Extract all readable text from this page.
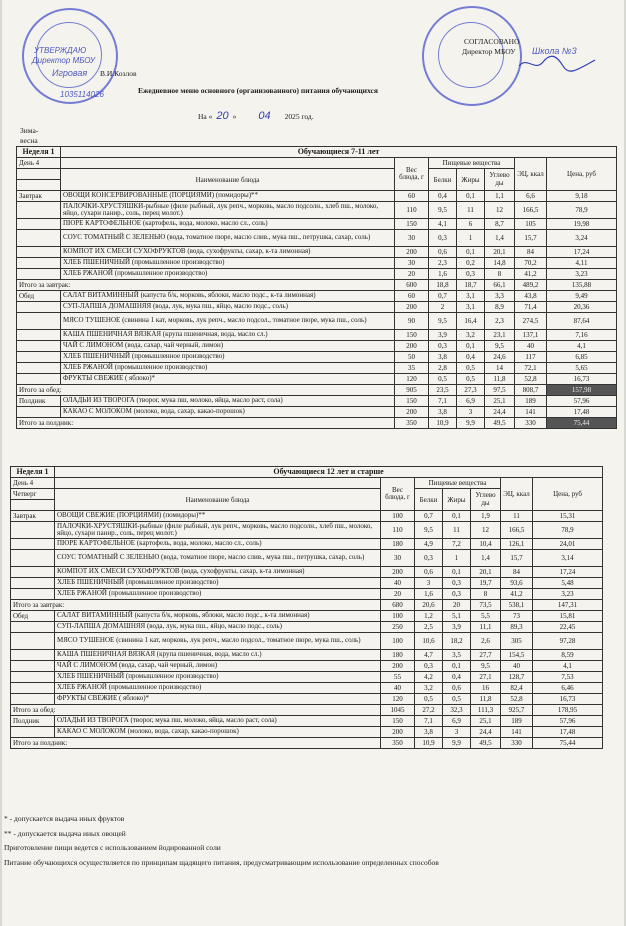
УТВЕРЖДАЮ
Директор МБОУ
Игровая
1035114026
В.И.Козлов
СОГЛАСОВАНО
Директор МБОУ Школа №3
Ежедневное меню основного (организованного) питания обучающихся
На « 20 » 04 2025 год.
Зима-
весна
Неделя 1	Обучающиеся 7-11 лет						
День 4		Вес блюда, г	Пищевые вещества			ЭЦ, ккал	Цена, руб
	Наименование блюда		Белки	Жиры	Углево ды		

Завтрак	ОВОЩИ КОНСЕРВИРОВАННЫЕ (ПОРЦИЯМИ) (помидоры)**	60	0,4	0,1	1,1	6,6	9,18
	ПАЛОЧКИ-ХРУСТЯШКИ-рыбные (филе рыбный, лук репч., морковь, масло подсолн., хлеб пш., молоко, яйцо, сухари панир., соль, перец молот.)	110	9,5	11	12	166,5	78,9
	ПЮРЕ КАРТОФЕЛЬНОЕ (картофель, вода, молоко, масло сл., соль)	150	4,1	6	8,7	105	19,98
	СОУС ТОМАТНЫЙ С ЗЕЛЕНЬЮ (вода, томатное пюре, масло слив., мука пш., петрушка, сахар, соль)	30	0,3	1	1,4	15,7	3,24
	КОМПОТ ИХ СМЕСИ СУХОФРУКТОВ (вода, сухофрукты, сахар, к-та лимонная)	200	0,6	0,1	20,1	84	17,24
	ХЛЕБ ПШЕНИЧНЫЙ (промышленное производство)	30	2,3	0,2	14,8	70,2	4,11
	ХЛЕБ РЖАНОЙ (промышленное производство)	20	1,6	0,3	8	41,2	3,23
Итого за завтрак:		600	18,8	18,7	66,1	489,2	135,88
Обед	САЛАТ ВИТАМИННЫЙ (капуста б/к, морковь, яблоки, масло подс., к-та лимонная)	60	0,7	3,1	3,3	43,8	9,49
	СУП-ЛАПША ДОМАШНЯЯ (вода, лук, мука пш., яйцо, масло подс., соль)	200	2	3,1	8,9	71,4	20,36
	МЯСО ТУШЕНОЕ (свинина 1 кат, морковь, лук репч., масло подсол., томатное пюре, мука пш., соль)	90	9,5	16,4	2,3	274,5	87,64
	КАША ПШЕНИЧНАЯ ВЯЗКАЯ (крупа пшеничная, вода, масло сл.)	150	3,9	3,2	23,1	137,1	7,16
	ЧАЙ С ЛИМОНОМ (вода, сахар, чай черный, лимон)	200	0,3	0,1	9,5	40	4,1
	ХЛЕБ ПШЕНИЧНЫЙ (промышленное производство)	50	3,8	0,4	24,6	117	6,85
	ХЛЕБ РЖАНОЙ (промышленное производство)	35	2,8	0,5	14	72,1	5,65
	ФРУКТЫ СВЕЖИЕ ( яблоко)*	120	0,5	0,5	11,8	52,8	16,73
Итого за обед:		905	23,5	27,3	97,5	808,7	157,98
Полдник	ОЛАДЬИ ИЗ ТВОРОГА (творог, мука пш, молоко, яйца, масло раст, сола)	150	7,1	6,9	25,1	189	57,96
	КАКАО С МОЛОКОМ (молоко, вода, сахар, какао-порошок)	200	3,8	3	24,4	141	17,48
Итого за полдник:		350	10,9	9,9	49,5	330	75,44
Неделя 1	Обучающиеся 12 лет и старше						
День 4		Вес блюда, г	Пищевые вещества			ЭЦ, ккал	Цена, руб
Четверг	Наименование блюда		Белки	Жиры	Углево ды		

Завтрак	ОВОЩИ СВЕЖИЕ (ПОРЦИЯМИ) (помидоры)**	100	0,7	0,1	1,9	11	15,31
	ПАЛОЧКИ-ХРУСТЯШКИ-рыбные (филе рыбный, лук репч., морковь, масло подсолн., хлеб пш., молоко, яйцо, сухари панир., соль, перец молот.)	110	9,5	11	12	166,5	78,9
	ПЮРЕ КАРТОФЕЛЬНОЕ (картофель, вода, молоко, масло сл., соль)	180	4,9	7,2	10,4	126,1	24,01
	СОУС ТОМАТНЫЙ С ЗЕЛЕНЬЮ (вода, томатное пюре, масло слив., мука пш., петрушка, сахар, соль)	30	0,3	1	1,4	15,7	3,14
	КОМПОТ ИХ СМЕСИ СУХОФРУКТОВ (вода, сухофрукты, сахар, к-та лимонная)	200	0,6	0,1	20,1	84	17,24
	ХЛЕБ ПШЕНИЧНЫЙ (промышленное производство)	40	3	0,3	19,7	93,6	5,48
	ХЛЕБ РЖАНОЙ (промышленное производство)	20	1,6	0,3	8	41,2	3,23
Итого за завтрак:		680	20,6	20	73,5	538,1	147,31
Обед	САЛАТ ВИТАМИННЫЙ (капуста б/к, морковь, яблоки, масло подс., к-та лимонная)	100	1,2	5,1	5,5	73	15,81
	СУП-ЛАПША ДОМАШНЯЯ (вода, лук, мука пш., яйцо, масло подс., соль)	250	2,5	3,9	11,1	89,3	22,45
	МЯСО ТУШЕНОЕ (свинина 1 кат, морковь, лук репч., масло подсол., томатное пюре, мука пш., соль)	100	10,6	18,2	2,6	305	97,28
	КАША ПШЕНИЧНАЯ ВЯЗКАЯ (крупа пшеничная, вода, масло сл.)	180	4,7	3,5	27,7	154,5	8,59
	ЧАЙ С ЛИМОНОМ (вода, сахар, чай черный, лимон)	200	0,3	0,1	9,5	40	4,1
	ХЛЕБ ПШЕНИЧНЫЙ (промышленное производство)	55	4,2	0,4	27,1	128,7	7,53
	ХЛЕБ РЖАНОЙ (промышленное производство)	40	3,2	0,6	16	82,4	6,46
	ФРУКТЫ СВЕЖИЕ ( яблоко)*	120	0,5	0,5	11,8	52,8	16,73
Итого за обед:		1045	27,2	32,3	111,3	925,7	178,95
Полдник	ОЛАДЬИ ИЗ ТВОРОГА (творог, мука пш, молоко, яйца, масло раст, сола)	150	7,1	6,9	25,1	189	57,96
	КАКАО С МОЛОКОМ (молоко, вода, сахар, какао-порошок)	200	3,8	3	24,4	141	17,48
Итого за полдник:		350	10,9	9,9	49,5	330	75,44
* - допускается выдача иных фруктов
** - допускается выдача иных овощей
Приготовление пищи ведется с использованием йодированной соли
Питание обучающихся осуществляется по принципам щадящего питания, предусматривающим использование определенных способов
